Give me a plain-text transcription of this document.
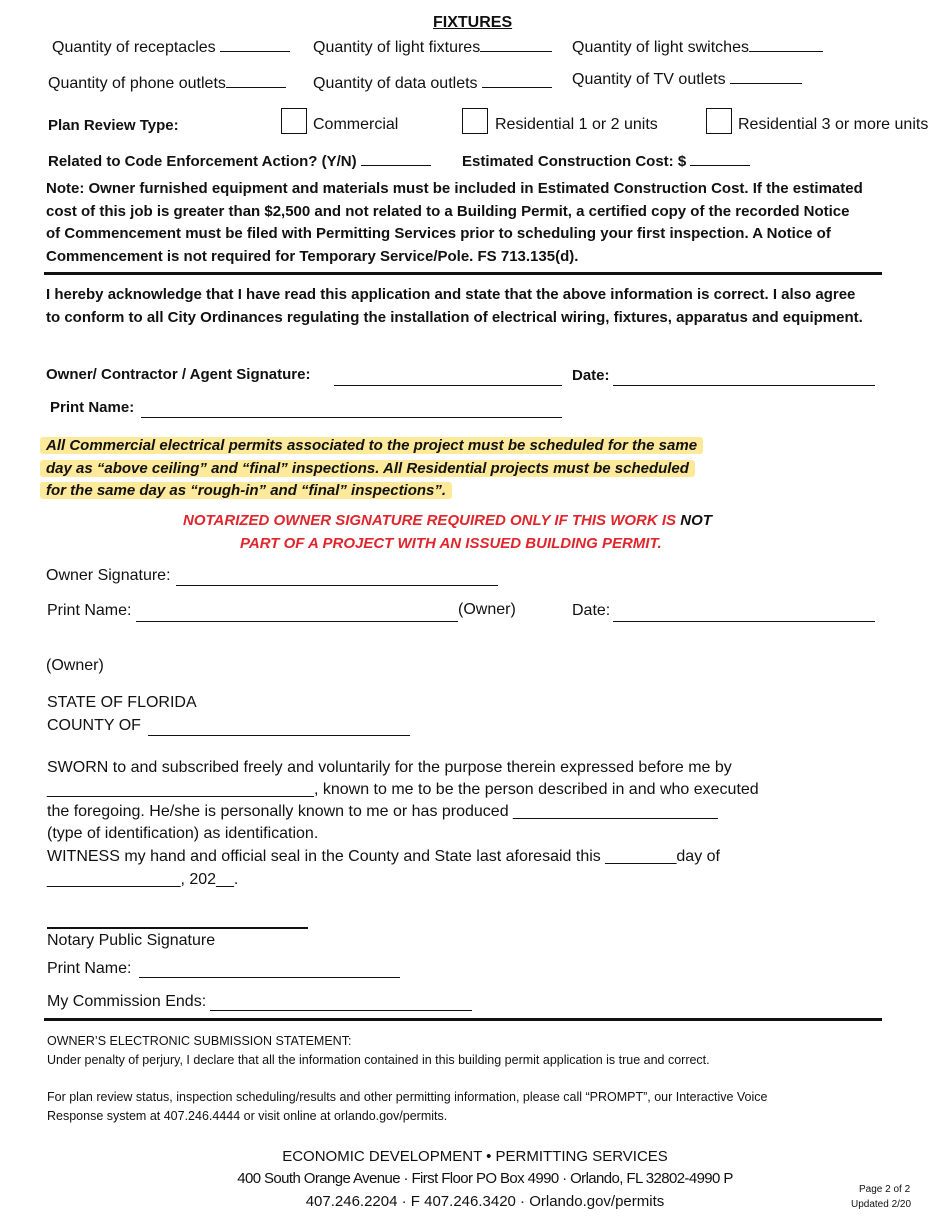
FIXTURES
Quantity of receptacles	Quantity of light fixtures	Quantity of light switches
Quantity of phone outlets	Quantity of data outlets	Quantity of TV outlets
Plan Review Type:	Commercial	Residential 1 or 2 units	Residential 3 or more units
Related to Code Enforcement Action? (Y/N)	Estimated Construction Cost: $
Note: Owner furnished equipment and materials must be included in Estimated Construction Cost. If the estimated cost of this job is greater than $2,500 and not related to a Building Permit, a certified copy of the recorded Notice of Commencement must be filed with Permitting Services prior to scheduling your first inspection. A Notice of Commencement is not required for Temporary Service/Pole. FS 713.135(d).
I hereby acknowledge that I have read this application and state that the above information is correct. I also agree to conform to all City Ordinances regulating the installation of electrical wiring, fixtures, apparatus and equipment.
Owner/ Contractor / Agent Signature:	Date:
Print Name:
All Commercial electrical permits associated to the project must be scheduled for the same
day as “above ceiling” and “final” inspections. All Residential projects must be scheduled
for the same day as “rough-in” and “final” inspections”.
NOTARIZED OWNER SIGNATURE REQUIRED ONLY IF THIS WORK IS NOT
PART OF A PROJECT WITH AN ISSUED BUILDING PERMIT.
Owner Signature:
Print Name:	(Owner)	Date:
(Owner)
STATE OF FLORIDA
COUNTY OF
SWORN to and subscribed freely and voluntarily for the purpose therein expressed before me by
______________________________, known to me to be the person described in and who executed
the foregoing. He/she is personally known to me or has produced _______________________
(type of identification) as identification.
WITNESS my hand and official seal in the County and State last aforesaid this ________day of
_______________, 202__.
Notary Public Signature
Print Name:
My Commission Ends:
OWNER’S ELECTRONIC SUBMISSION STATEMENT:
Under penalty of perjury, I declare that all the information contained in this building permit application is true and correct.
For plan review status, inspection scheduling/results and other permitting information, please call “PROMPT”, our Interactive Voice
Response system at 407.246.4444 or visit online at orlando.gov/permits.
ECONOMIC DEVELOPMENT • PERMITTING SERVICES
400 South Orange Avenue · First Floor PO Box 4990 · Orlando, FL 32802-4990 P
407.246.2204 · F 407.246.3420 · Orlando.gov/permits
Page 2 of 2
Updated 2/20
